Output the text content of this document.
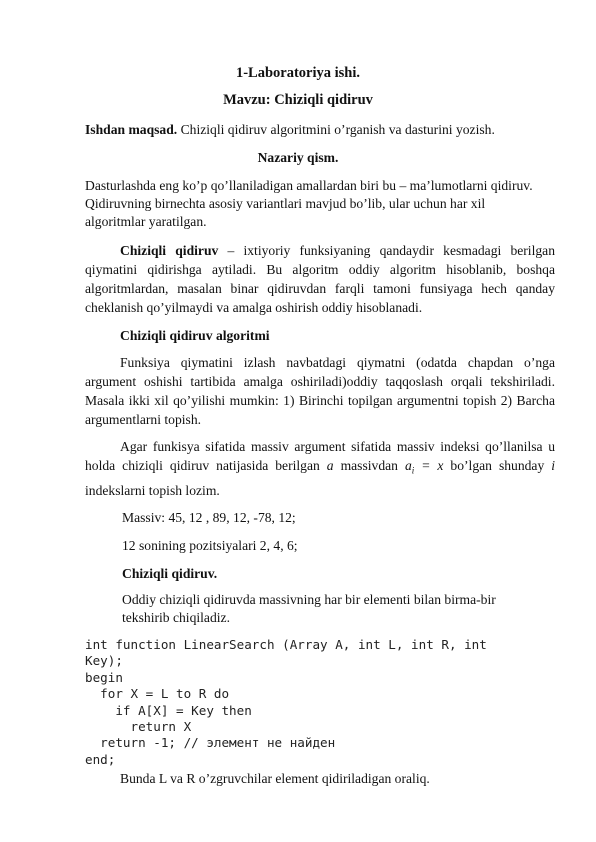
1-Laboratoriya ishi.
Mavzu: Chiziqli qidiruv
Ishdan maqsad. Chiziqli qidiruv algoritmini o’rganish va dasturini yozish.
Nazariy qism.
Dasturlashda eng ko’p qo’llaniladigan amallardan biri bu – ma’lumotlarni qidiruv.
Qidiruvning birnechta asosiy variantlari mavjud bo’lib, ular uchun har xil
algoritmlar yaratilgan.
Chiziqli qidiruv – ixtiyoriy funksiyaning qandaydir kesmadagi berilgan qiymatini qidirishga aytiladi. Bu algoritm oddiy algoritm hisoblanib, boshqa algoritmlardan, masalan binar qidiruvdan farqli tamoni funsiyaga hech qanday cheklanish qo’yilmaydi va amalga oshirish oddiy hisoblanadi.
Chiziqli qidiruv algoritmi
Funksiya qiymatini izlash navbatdagi qiymatni (odatda chapdan o’nga argument oshishi tartibida amalga oshiriladi)oddiy taqqoslash orqali tekshiriladi. Masala ikki xil qo’yilishi mumkin: 1) Birinchi topilgan argumentni topish 2) Barcha argumentlarni topish.
Agar funkisya sifatida massiv argument sifatida massiv indeksi qo’llanilsa u holda chiziqli qidiruv natijasida berilgan a massivdan $a_i = x$ bo’lgan shunday i indekslarni topish lozim.
Massiv: 45, 12 , 89, 12, -78, 12;
12 sonining pozitsiyalari 2, 4, 6;
Chiziqli qidiruv.
Oddiy chiziqli qidiruvda massivning har bir elementi bilan birma-bir
tekshirib chiqiladiz.
int function LinearSearch (Array A, int L, int R, int
Key);
begin
for X = L to R do
if A[X] = Key then
return X
return -1; // элемент не найден
end;
Bunda L va R o’zgruvchilar element qidiriladigan oraliq.
